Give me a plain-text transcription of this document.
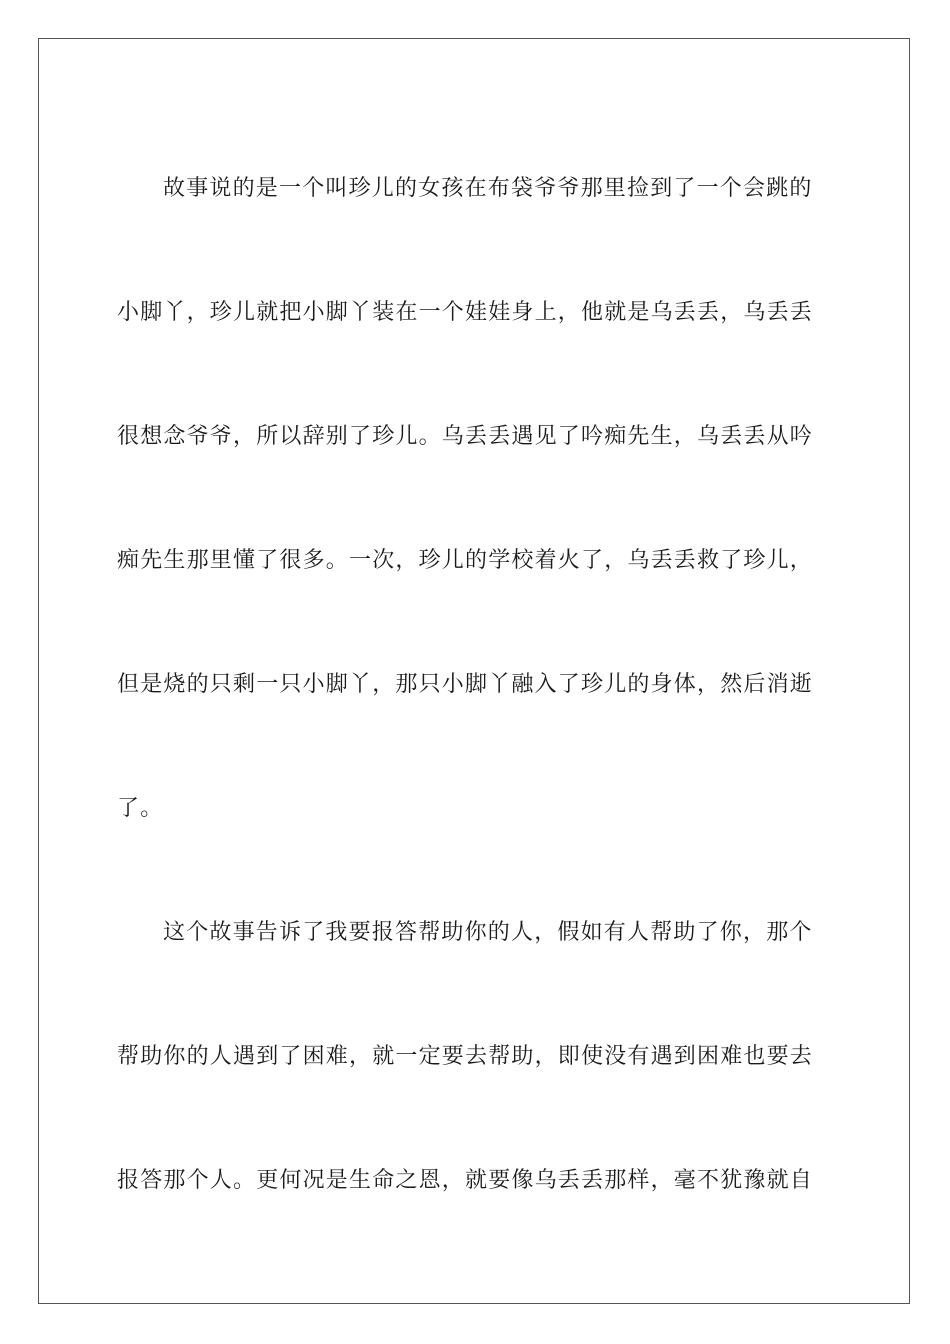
故事说的是一个叫珍儿的女孩在布袋爷爷那里捡到了一个会跳的
小脚丫，珍儿就把小脚丫装在一个娃娃身上，他就是乌丢丢，乌丢丢
很想念爷爷，所以辞别了珍儿。乌丢丢遇见了吟痴先生，乌丢丢从吟
痴先生那里懂了很多。一次，珍儿的学校着火了，乌丢丢救了珍儿，
但是烧的只剩一只小脚丫，那只小脚丫融入了珍儿的身体，然后消逝
了。
这个故事告诉了我要报答帮助你的人，假如有人帮助了你，那个
帮助你的人遇到了困难，就一定要去帮助，即使没有遇到困难也要去
报答那个人。更何况是生命之恩，就要像乌丢丢那样，毫不犹豫就自
